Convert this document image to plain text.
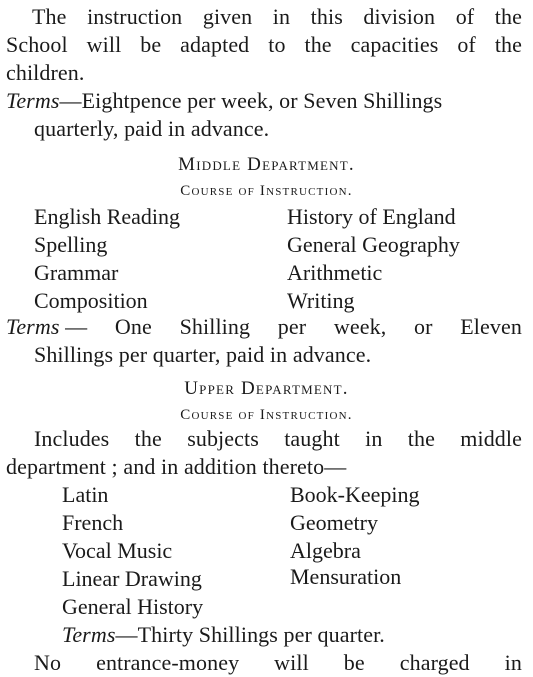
The instruction given in this division of the
School will be adapted to the capacities of the
children.
Terms—Eightpence per week, or Seven Shillings
quarterly, paid in advance.
Middle Department.
Course of Instruction.
English Reading
Spelling
Grammar
Composition
History of England
General Geography
Arithmetic
Writing
Terms — One Shilling per week, or Eleven
Shillings per quarter, paid in advance.
Upper Department.
Course of Instruction.
Includes the subjects taught in the middle
department ; and in addition thereto—
Latin
French
Vocal Music
Linear Drawing
General History
Book-Keeping
Geometry
Algebra
Mensuration
Terms—Thirty Shillings per quarter.
No entrance-money will be charged in
